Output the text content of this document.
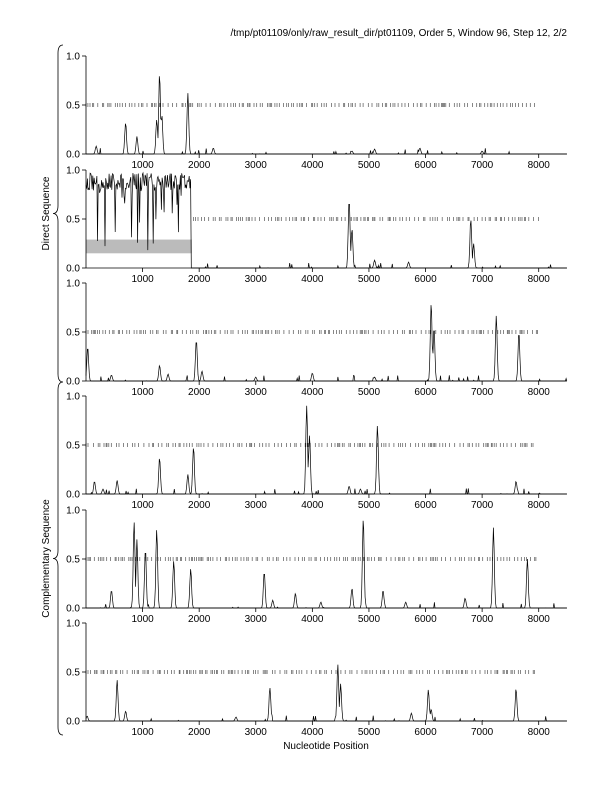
/tmp/pt01109/only/raw_result_dir/pt01109, Order 5, Window 96, Step 12, 2/2
0.0
0.5
1.0
1000	2000	3000	4000	5000	6000	7000	8000
0.0
0.5
1.0
1000	2000	3000	4000	5000	6000	7000	8000
0.0
0.5
1.0
1000	2000	3000	4000	5000	6000	7000	8000
0.0
0.5
1.0
1000	2000	3000	4000	5000	6000	7000	8000
0.0
0.5
1.0
1000	2000	3000	4000	5000	6000	7000	8000
0.0
0.5
1.0
1000	2000	3000	4000	5000	6000	7000	8000
Direct Sequence
Complementary Sequence
Nucleotide Position
